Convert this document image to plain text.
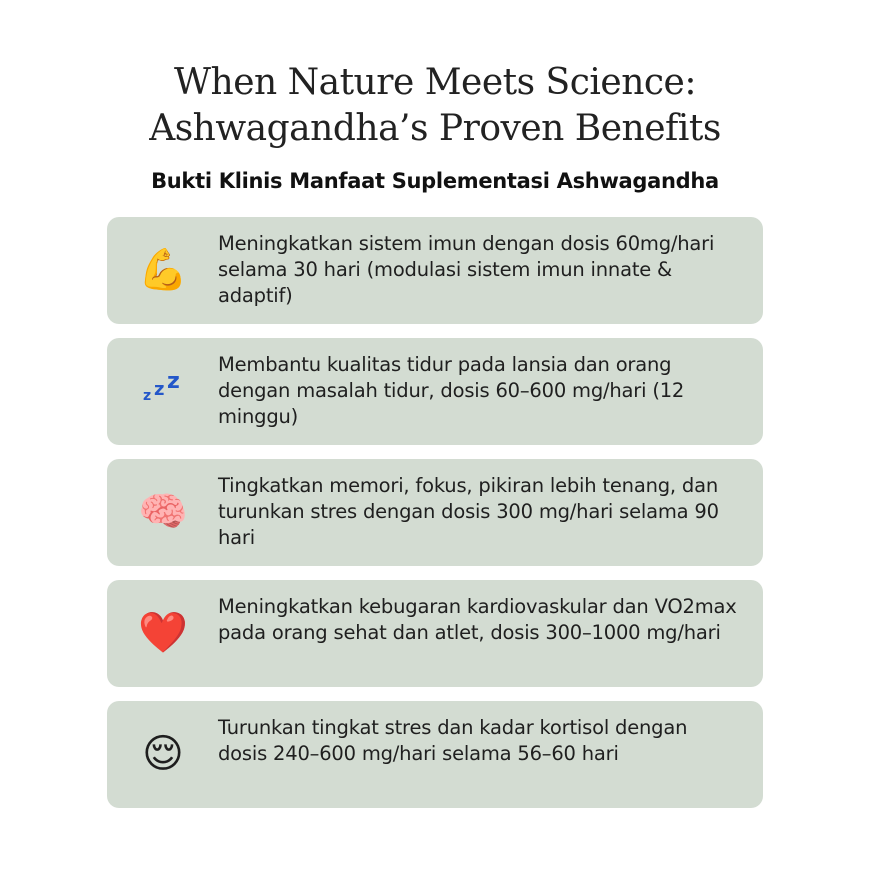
When Nature Meets Science:
Ashwagandha’s Proven Benefits
Bukti Klinis Manfaat Suplementasi Ashwagandha
💪
Meningkatkan sistem imun dengan dosis 60mg/hari selama 30 hari (modulasi sistem imun innate & adaptif)
z z z
Membantu kualitas tidur pada lansia dan orang dengan masalah tidur, dosis 60–600 mg/hari (12 minggu)
🧠
Tingkatkan memori, fokus, pikiran lebih tenang, dan turunkan stres dengan dosis 300 mg/hari selama 90 hari
❤️
Meningkatkan kebugaran kardiovaskular dan VO2max pada orang sehat dan atlet, dosis 300–1000 mg/hari
😌
Turunkan tingkat stres dan kadar kortisol dengan dosis 240–600 mg/hari selama 56–60 hari
